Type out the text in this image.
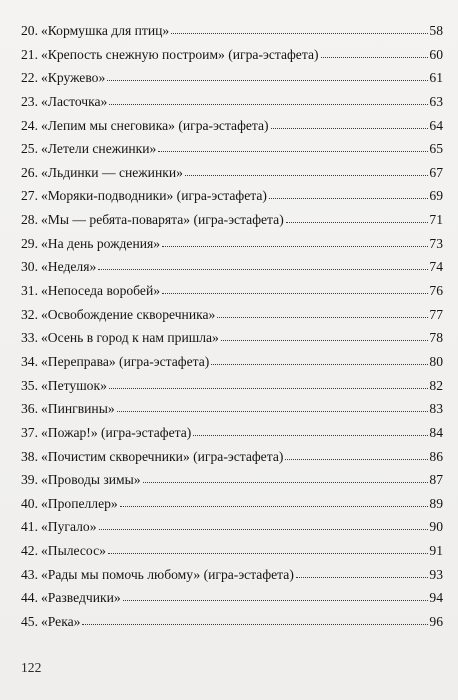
20. «Кормушка для птиц»	58
21. «Крепость снежную построим» (игра-эстафета)	60
22. «Кружево»	61
23. «Ласточка»	63
24. «Лепим мы снеговика» (игра-эстафета)	64
25. «Летели снежинки»	65
26. «Льдинки — снежинки»	67
27. «Моряки-подводники» (игра-эстафета)	69
28. «Мы — ребята-поварята» (игра-эстафета)	71
29. «На день рождения»	73
30. «Неделя»	74
31. «Непоседа воробей»	76
32. «Освобождение скворечника»	77
33. «Осень в город к нам пришла»	78
34. «Переправа» (игра-эстафета)	80
35. «Петушок»	82
36. «Пингвины»	83
37. «Пожар!» (игра-эстафета)	84
38. «Почистим скворечники» (игра-эстафета)	86
39. «Проводы зимы»	87
40. «Пропеллер»	89
41. «Пугало»	90
42. «Пылесос»	91
43. «Рады мы помочь любому» (игра-эстафета)	93
44. «Разведчики»	94
45. «Река»	96
122
